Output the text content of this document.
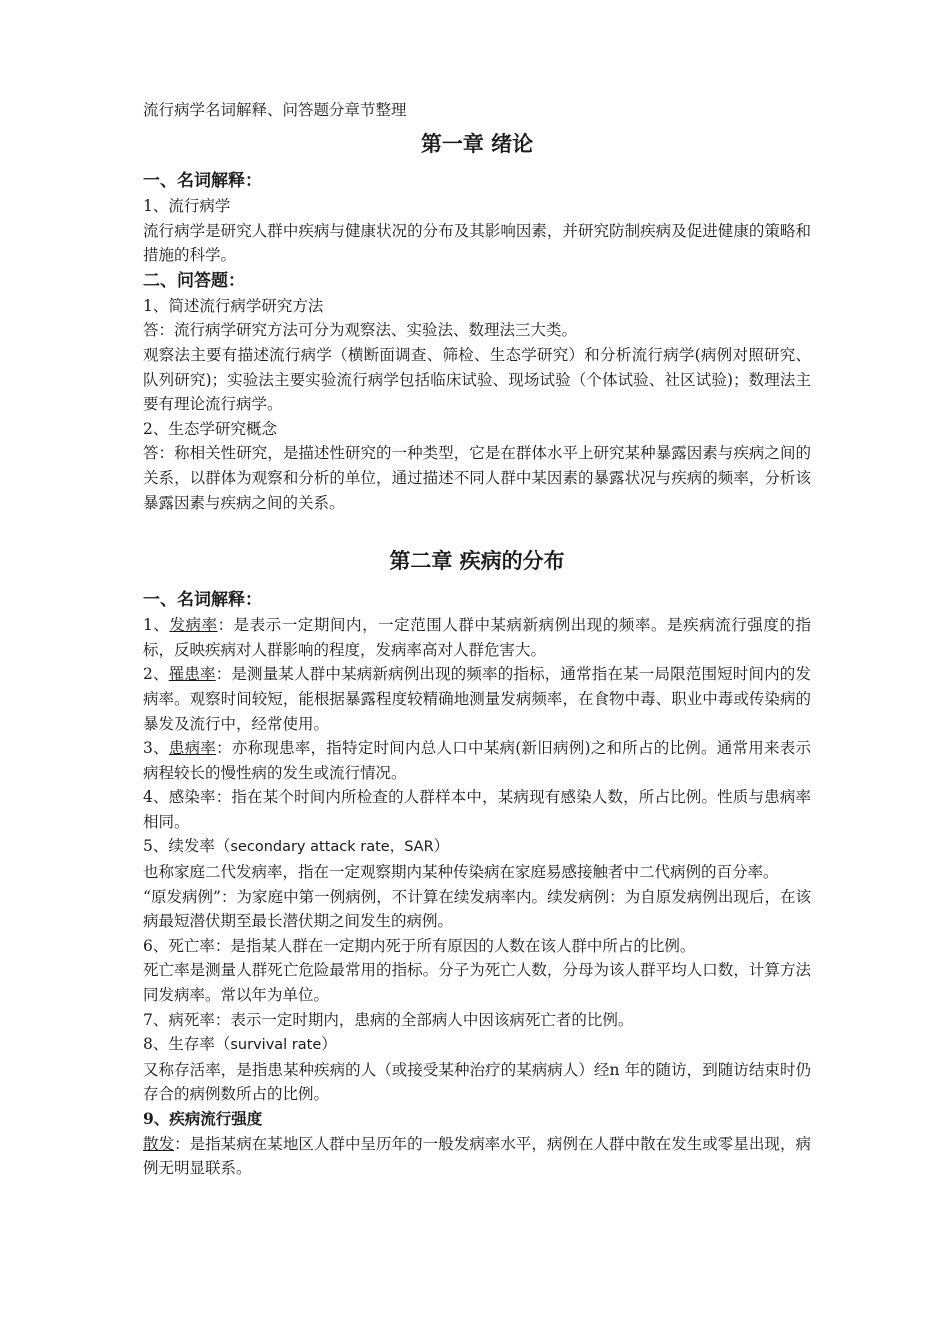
流行病学名词解释、问答题分章节整理

第一章 绪论

一、名词解释：

1、流行病学

流行病学是研究人群中疾病与健康状况的分布及其影响因素，并研究防制疾病及促进健康的策略和措施的科学。

二、问答题：

1、简述流行病学研究方法

答：流行病学研究方法可分为观察法、实验法、数理法三大类。

观察法主要有描述流行病学（横断面调查、筛检、生态学研究）和分析流行病学(病例对照研究、队列研究)；实验法主要实验流行病学包括临床试验、现场试验（个体试验、社区试验)；数理法主要有理论流行病学。

2、生态学研究概念

答：称相关性研究，是描述性研究的一种类型，它是在群体水平上研究某种暴露因素与疾病之间的关系，以群体为观察和分析的单位，通过描述不同人群中某因素的暴露状况与疾病的频率，分析该暴露因素与疾病之间的关系。

第二章 疾病的分布

一、名词解释：

1、发病率：是表示一定期间内，一定范围人群中某病新病例出现的频率。是疾病流行强度的指标，反映疾病对人群影响的程度，发病率高对人群危害大。

2、罹患率：是测量某人群中某病新病例出现的频率的指标，通常指在某一局限范围短时间内的发病率。观察时间较短，能根据暴露程度较精确地测量发病频率，在食物中毒、职业中毒或传染病的暴发及流行中，经常使用。

3、患病率：亦称现患率，指特定时间内总人口中某病(新旧病例)之和所占的比例。通常用来表示病程较长的慢性病的发生或流行情况。

4、感染率：指在某个时间内所检查的人群样本中，某病现有感染人数，所占比例。性质与患病率相同。

5、续发率（secondary attack rate，SAR）

也称家庭二代发病率，指在一定观察期内某种传染病在家庭易感接触者中二代病例的百分率。

“原发病例”：为家庭中第一例病例，不计算在续发病率内。续发病例：为自原发病例出现后，在该病最短潜伏期至最长潜伏期之间发生的病例。

6、死亡率：是指某人群在一定期内死于所有原因的人数在该人群中所占的比例。

死亡率是测量人群死亡危险最常用的指标。分子为死亡人数，分母为该人群平均人口数，计算方法同发病率。常以年为单位。

7、病死率：表示一定时期内，患病的全部病人中因该病死亡者的比例。

8、生存率（survival rate）

又称存活率，是指患某种疾病的人（或接受某种治疗的某病病人）经n 年的随访，到随访结束时仍存合的病例数所占的比例。

9、疾病流行强度

散发：是指某病在某地区人群中呈历年的一般发病率水平，病例在人群中散在发生或零星出现，病例无明显联系。
